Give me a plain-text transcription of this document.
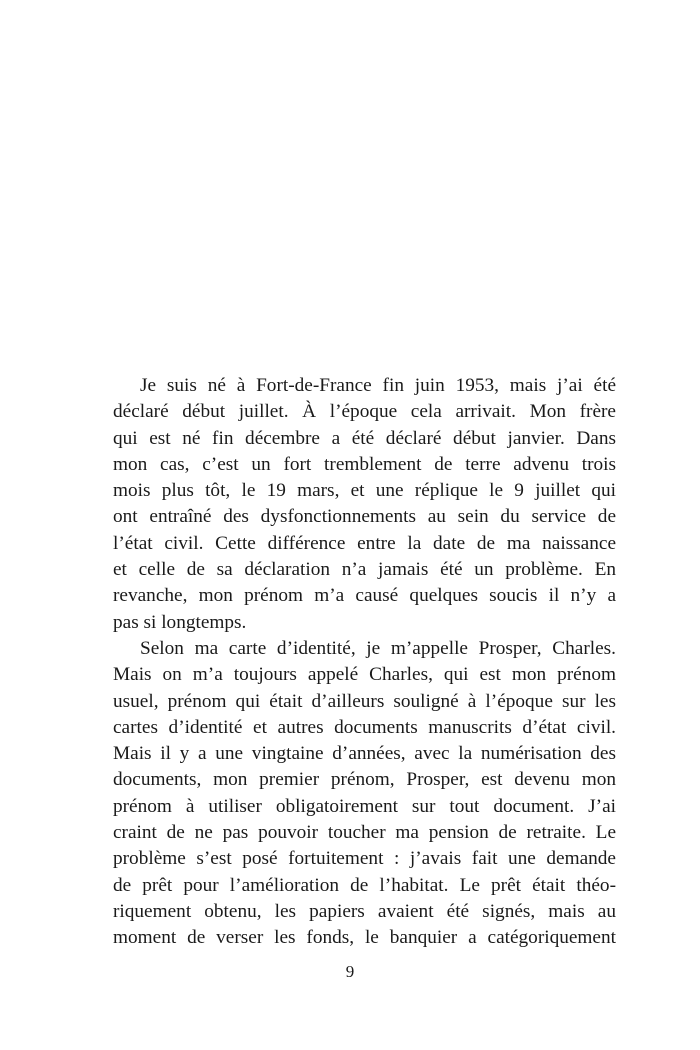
Je suis né à Fort-de-France fin juin 1953, mais j’ai été
déclaré début juillet. À l’époque cela arrivait. Mon frère
qui est né fin décembre a été déclaré début janvier. Dans
mon cas, c’est un fort tremblement de terre advenu trois
mois plus tôt, le 19 mars, et une réplique le 9 juillet qui
ont entraîné des dysfonctionnements au sein du service de
l’état civil. Cette différence entre la date de ma naissance
et celle de sa déclaration n’a jamais été un problème. En
revanche, mon prénom m’a causé quelques soucis il n’y a
pas si longtemps.
Selon ma carte d’identité, je m’appelle Prosper, Charles.
Mais on m’a toujours appelé Charles, qui est mon prénom
usuel, prénom qui était d’ailleurs souligné à l’époque sur les
cartes d’identité et autres documents manuscrits d’état civil.
Mais il y a une vingtaine d’années, avec la numérisation des
documents, mon premier prénom, Prosper, est devenu mon
prénom à utiliser obligatoirement sur tout document. J’ai
craint de ne pas pouvoir toucher ma pension de retraite. Le
problème s’est posé fortuitement : j’avais fait une demande
de prêt pour l’amélioration de l’habitat. Le prêt était théo-
riquement obtenu, les papiers avaient été signés, mais au
moment de verser les fonds, le banquier a catégoriquement
9
